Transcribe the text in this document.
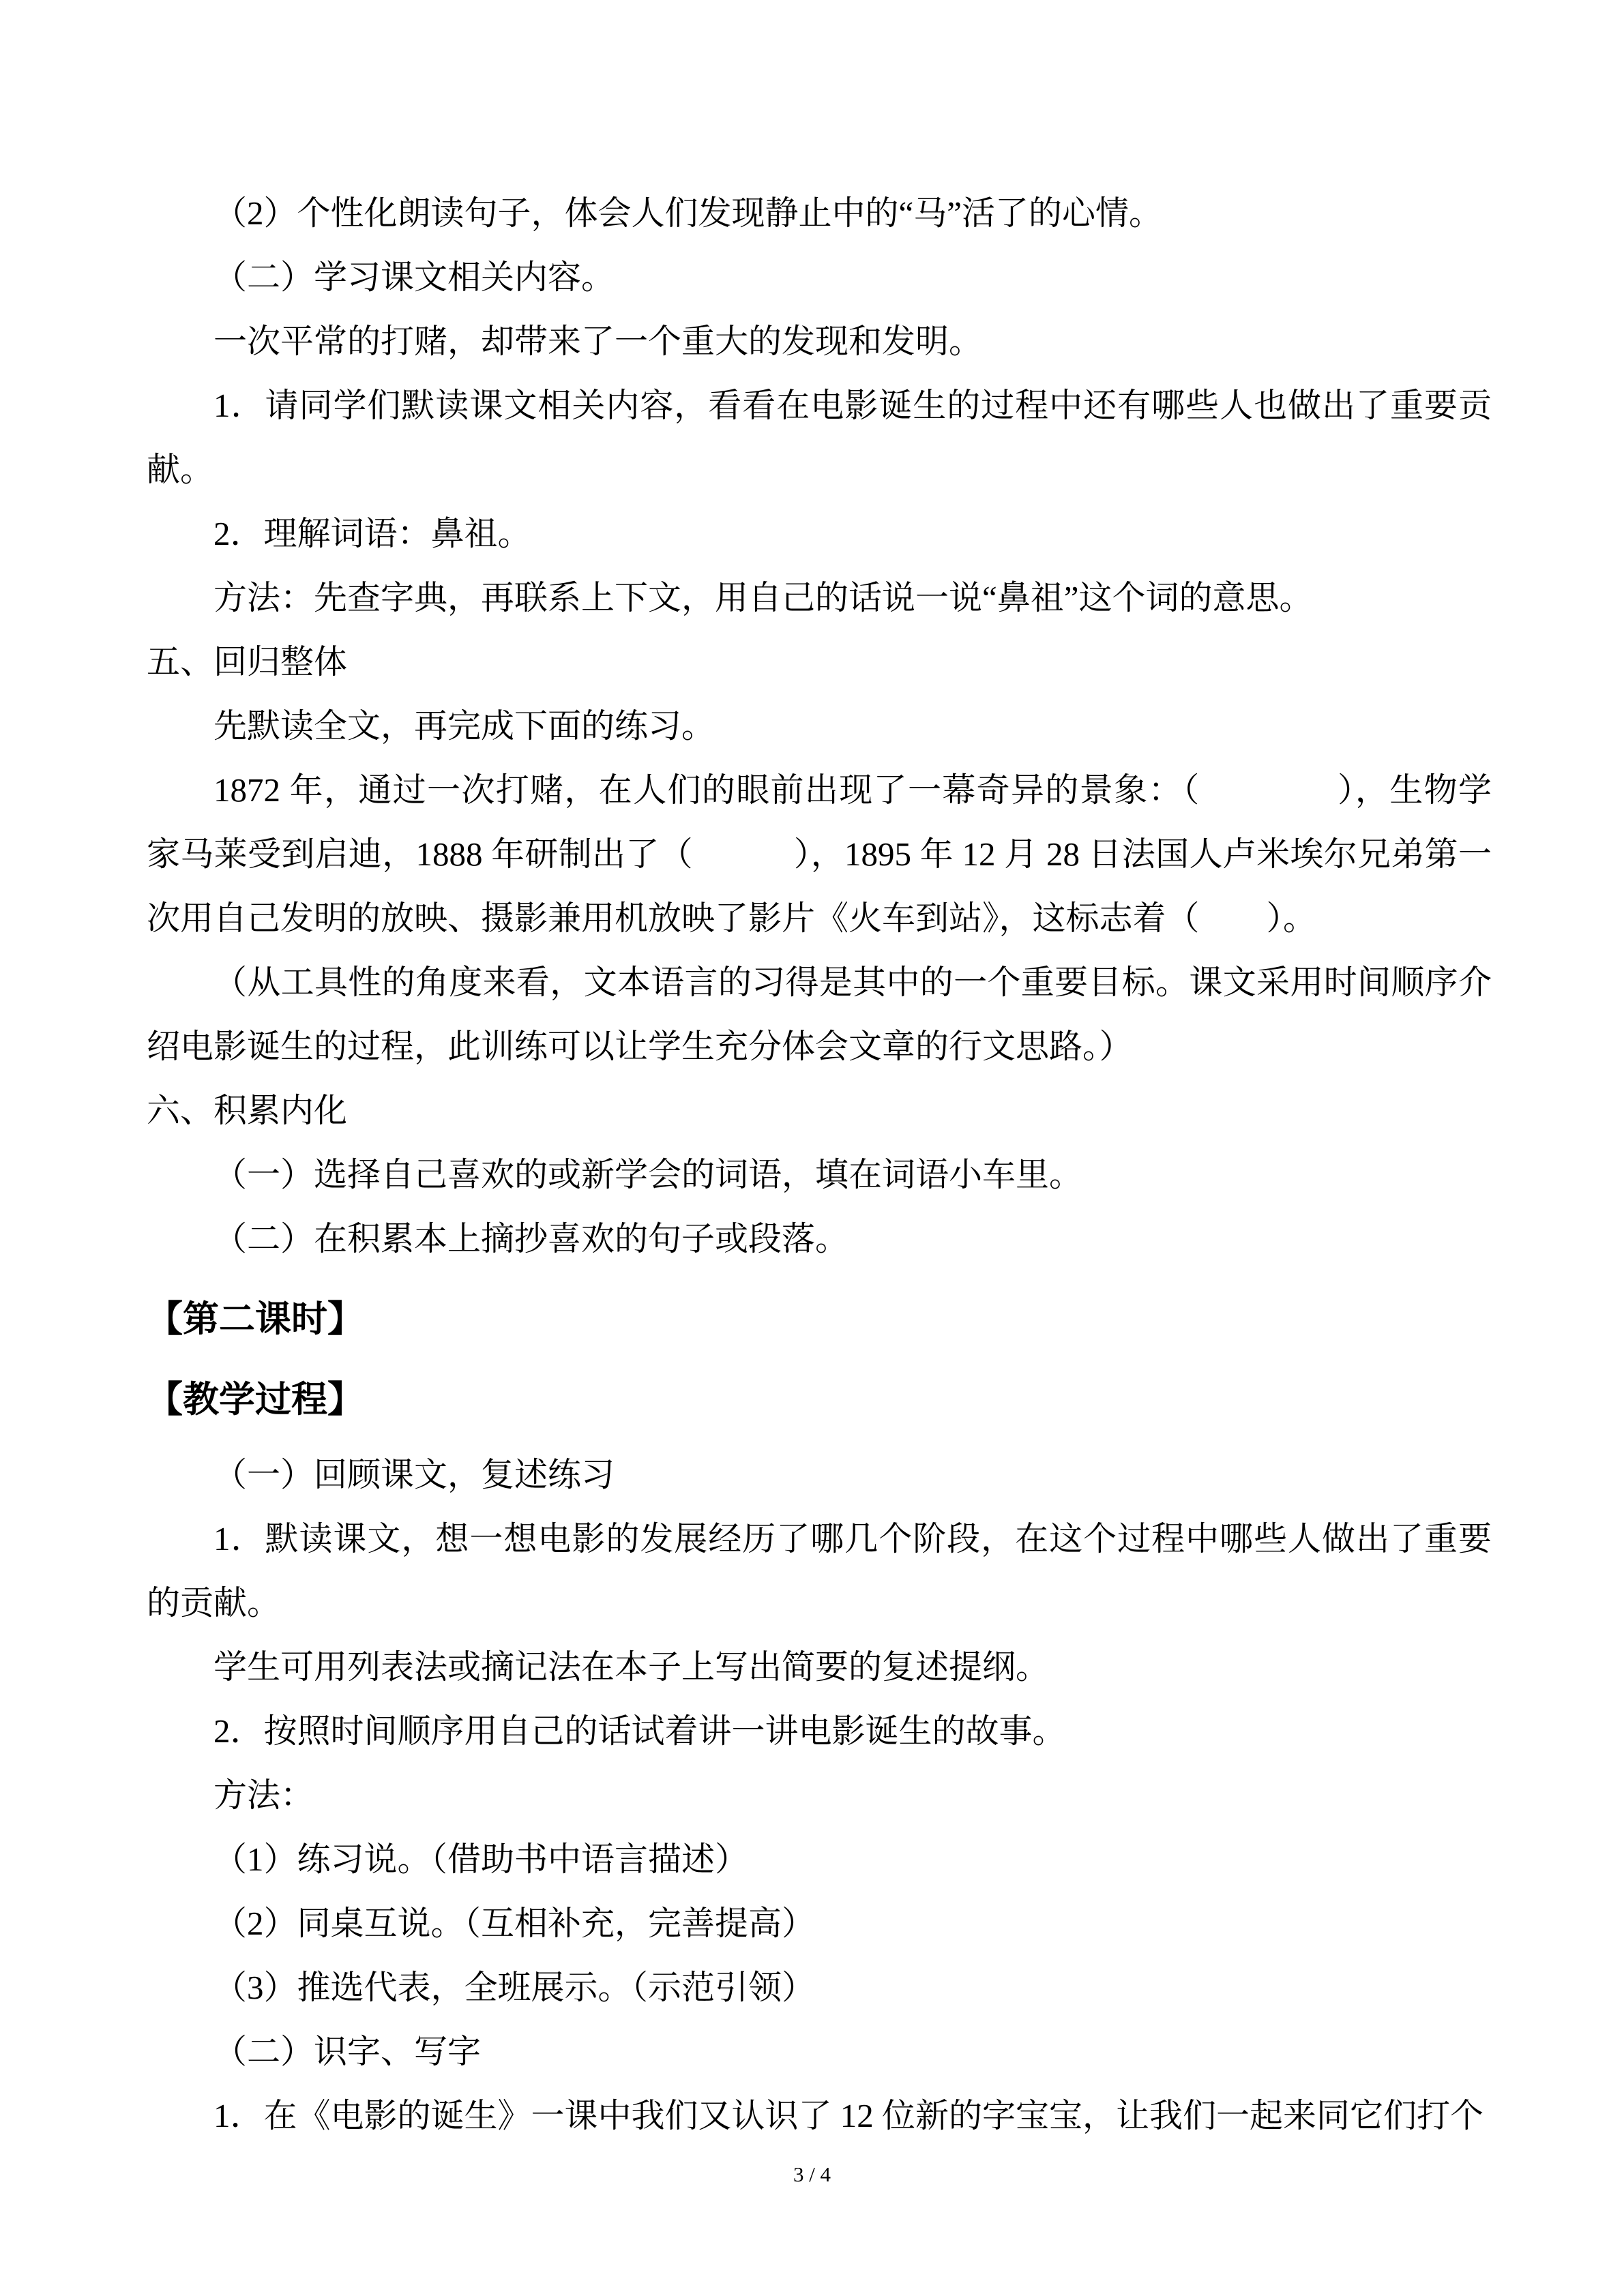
（2）个性化朗读句子，体会人们发现静止中的“马”活了的心情。

（二）学习课文相关内容。

一次平常的打赌，却带来了一个重大的发现和发明。

1．请同学们默读课文相关内容，看看在电影诞生的过程中还有哪些人也做出了重要贡献。

2．理解词语：鼻祖。

方法：先查字典，再联系上下文，用自己的话说一说“鼻祖”这个词的意思。

五、回归整体

先默读全文，再完成下面的练习。

1872 年，通过一次打赌，在人们的眼前出现了一幕奇异的景象：（　　　　），生物学家马莱受到启迪，1888 年研制出了（　　　），1895 年 12 月 28 日法国人卢米埃尔兄弟第一次用自己发明的放映、摄影兼用机放映了影片《火车到站》，这标志着（　　）。

（从工具性的角度来看，文本语言的习得是其中的一个重要目标。课文采用时间顺序介绍电影诞生的过程，此训练可以让学生充分体会文章的行文思路。）

六、积累内化

（一）选择自己喜欢的或新学会的词语，填在词语小车里。

（二）在积累本上摘抄喜欢的句子或段落。

【第二课时】

【教学过程】

（一）回顾课文，复述练习

1．默读课文，想一想电影的发展经历了哪几个阶段，在这个过程中哪些人做出了重要的贡献。

学生可用列表法或摘记法在本子上写出简要的复述提纲。

2．按照时间顺序用自己的话试着讲一讲电影诞生的故事。

方法：

（1）练习说。（借助书中语言描述）

（2）同桌互说。（互相补充，完善提高）

（3）推选代表，全班展示。（示范引领）

（二）识字、写字

1．在《电影的诞生》一课中我们又认识了 12 位新的字宝宝，让我们一起来同它们打个

3 / 4
